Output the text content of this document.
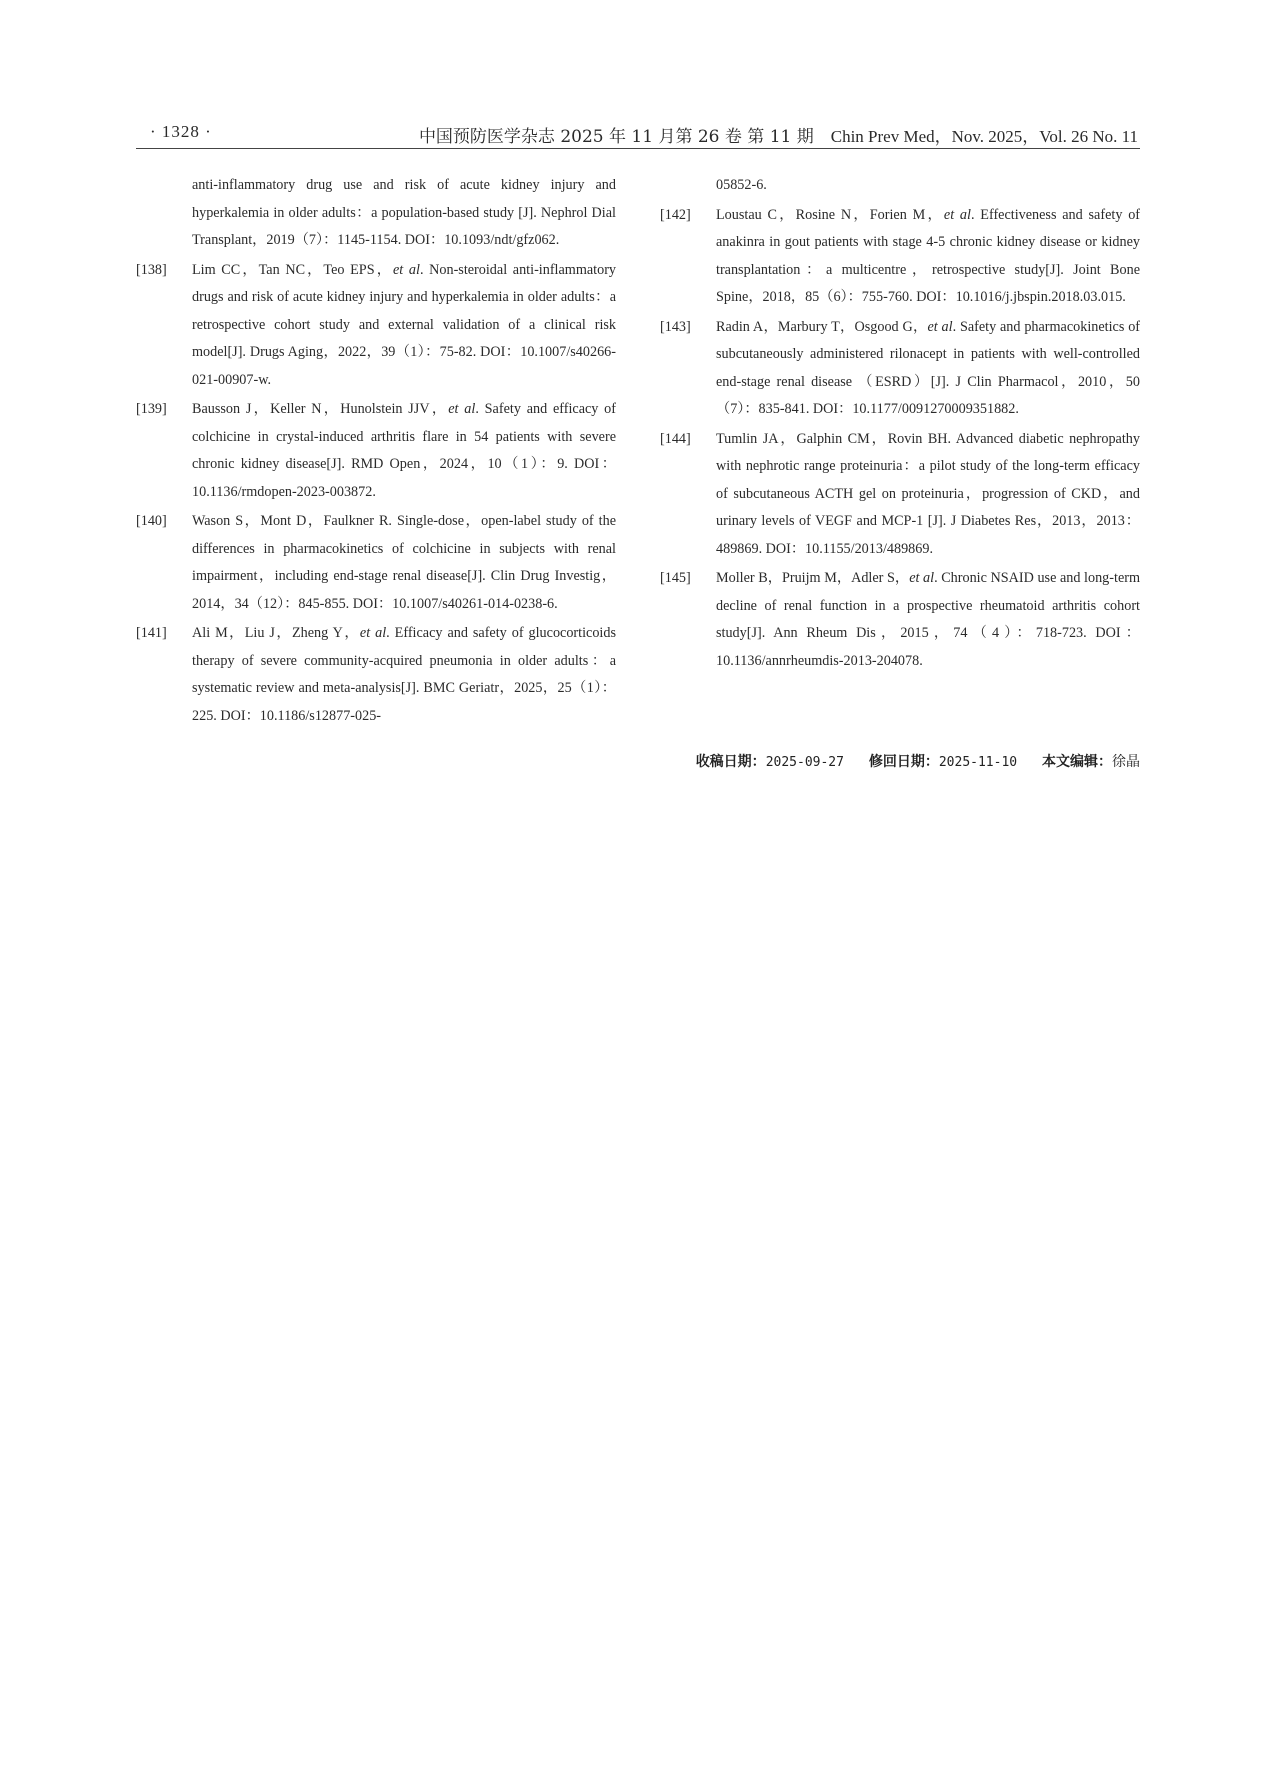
· 1328 ·	中国预防医学杂志 2025 年 11 月第 26 卷 第 11 期 Chin Prev Med，Nov. 2025，Vol. 26 No. 11
anti-inflammatory drug use and risk of acute kidney injury and hyperkalemia in older adults：a population-based study [J]. Nephrol Dial Transplant，2019（7）：1145-1154. DOI：10.1093/ndt/gfz062.
[138] Lim CC，Tan NC，Teo EPS，et al. Non-steroidal anti-inflammatory drugs and risk of acute kidney injury and hyperkalemia in older adults：a retrospective cohort study and external validation of a clinical risk model[J]. Drugs Aging，2022，39（1）：75-82. DOI：10.1007/s40266-021-00907-w.
[139] Bausson J，Keller N，Hunolstein JJV，et al. Safety and efficacy of colchicine in crystal-induced arthritis flare in 54 patients with severe chronic kidney disease[J]. RMD Open，2024，10（1）：9. DOI：10.1136/rmdopen-2023-003872.
[140] Wason S，Mont D，Faulkner R. Single-dose，open-label study of the differences in pharmacokinetics of colchicine in subjects with renal impairment，including end-stage renal disease[J]. Clin Drug Investig，2014，34（12）：845-855. DOI：10.1007/s40261-014-0238-6.
[141] Ali M，Liu J，Zheng Y，et al. Efficacy and safety of glucocorticoids therapy of severe community-acquired pneumonia in older adults：a systematic review and meta-analysis[J]. BMC Geriatr，2025，25（1）：225. DOI：10.1186/s12877-025-
05852-6.
[142] Loustau C，Rosine N，Forien M，et al. Effectiveness and safety of anakinra in gout patients with stage 4-5 chronic kidney disease or kidney transplantation：a multicentre，retrospective study[J]. Joint Bone Spine，2018，85（6）：755-760. DOI：10.1016/j.jbspin.2018.03.015.
[143] Radin A，Marbury T，Osgood G，et al. Safety and pharmacokinetics of subcutaneously administered rilonacept in patients with well-controlled end-stage renal disease （ESRD）[J]. J Clin Pharmacol，2010，50（7）：835-841. DOI：10.1177/0091270009351882.
[144] Tumlin JA，Galphin CM，Rovin BH. Advanced diabetic nephropathy with nephrotic range proteinuria：a pilot study of the long-term efficacy of subcutaneous ACTH gel on proteinuria，progression of CKD，and urinary levels of VEGF and MCP-1 [J]. J Diabetes Res，2013，2013：489869. DOI：10.1155/2013/489869.
[145] Moller B，Pruijm M，Adler S，et al. Chronic NSAID use and long-term decline of renal function in a prospective rheumatoid arthritis cohort study[J]. Ann Rheum Dis，2015，74（4）：718-723. DOI：10.1136/annrheumdis-2013-204078.
收稿日期：2025-09-27 修回日期：2025-11-10 本文编辑：徐晶
